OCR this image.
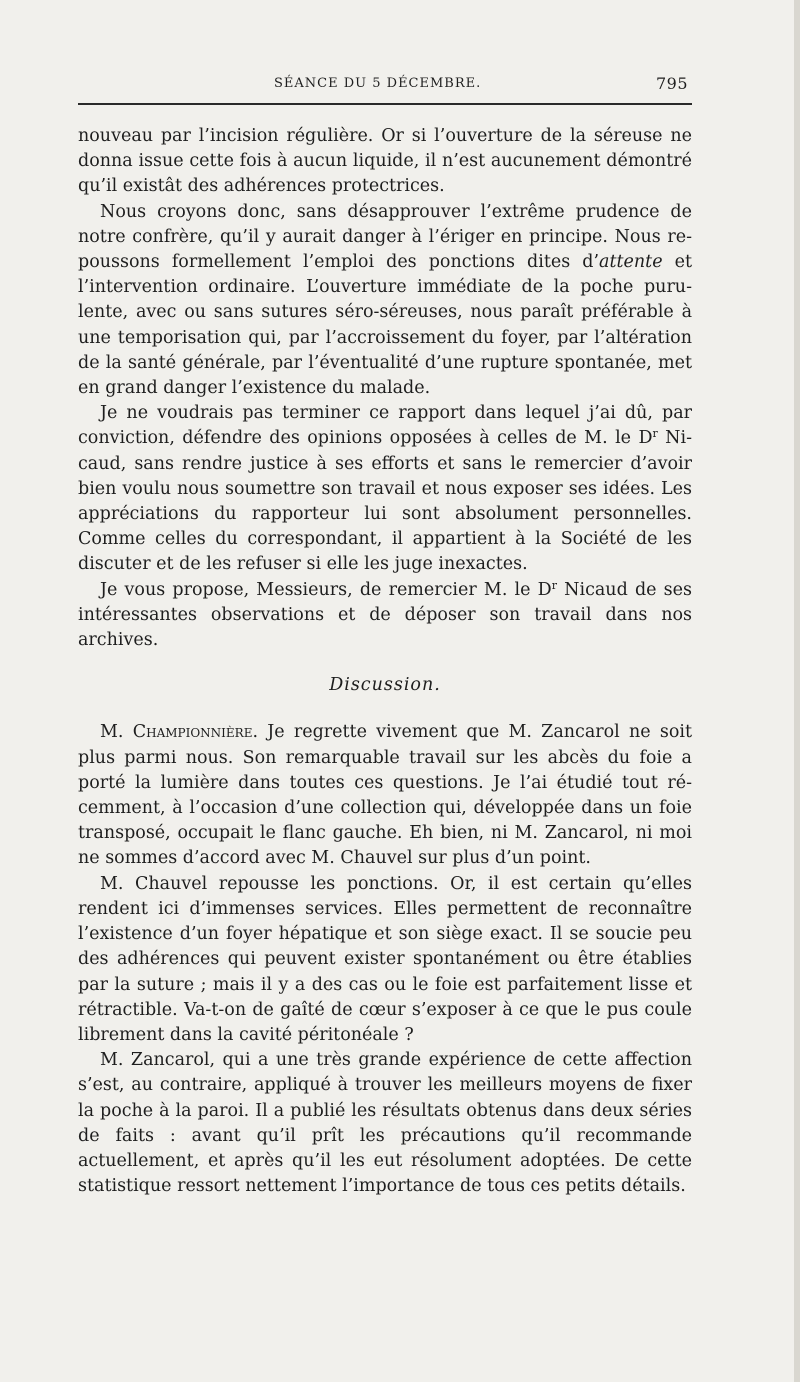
SÉANCE DU 5 DÉCEMBRE.	795

nouveau par l’incision régulière. Or si l’ouverture de la séreuse ne donna issue cette fois à aucun liquide, il n’est aucunement démontré qu’il existât des adhérences protectrices.

Nous croyons donc, sans désapprouver l’extrême prudence de notre confrère, qu’il y aurait danger à l’ériger en principe. Nous repoussons formellement l’emploi des ponctions dites d’attente et l’intervention ordinaire. L’ouverture immédiate de la poche purulente, avec ou sans sutures séro-séreuses, nous paraît préférable à une temporisation qui, par l’accroissement du foyer, par l’altération de la santé générale, par l’éventualité d’une rupture spontanée, met en grand danger l’existence du malade.

Je ne voudrais pas terminer ce rapport dans lequel j’ai dû, par conviction, défendre des opinions opposées à celles de M. le $D^r$ Nicaud, sans rendre justice à ses efforts et sans le remercier d’avoir bien voulu nous soumettre son travail et nous exposer ses idées. Les appréciations du rapporteur lui sont absolument personnelles. Comme celles du correspondant, il appartient à la Société de les discuter et de les refuser si elle les juge inexactes.

Je vous propose, Messieurs, de remercier M. le $D^r$ Nicaud de ses intéressantes observations et de déposer son travail dans nos archives.

Discussion.

M. Championnière. Je regrette vivement que M. Zancarol ne soit plus parmi nous. Son remarquable travail sur les abcès du foie a porté la lumière dans toutes ces questions. Je l’ai étudié tout récemment, à l’occasion d’une collection qui, développée dans un foie transposé, occupait le flanc gauche. Eh bien, ni M. Zancarol, ni moi ne sommes d’accord avec M. Chauvel sur plus d’un point.

M. Chauvel repousse les ponctions. Or, il est certain qu’elles rendent ici d’immenses services. Elles permettent de reconnaître l’existence d’un foyer hépatique et son siège exact. Il se soucie peu des adhérences qui peuvent exister spontanément ou être établies par la suture ; mais il y a des cas ou le foie est parfaitement lisse et rétractible. Va-t-on de gaîté de cœur s’exposer à ce que le pus coule librement dans la cavité péritonéale ?

M. Zancarol, qui a une très grande expérience de cette affection s’est, au contraire, appliqué à trouver les meilleurs moyens de fixer la poche à la paroi. Il a publié les résultats obtenus dans deux séries de faits : avant qu’il prît les précautions qu’il recommande actuellement, et après qu’il les eut résolument adoptées. De cette statistique ressort nettement l’importance de tous ces petits détails.
